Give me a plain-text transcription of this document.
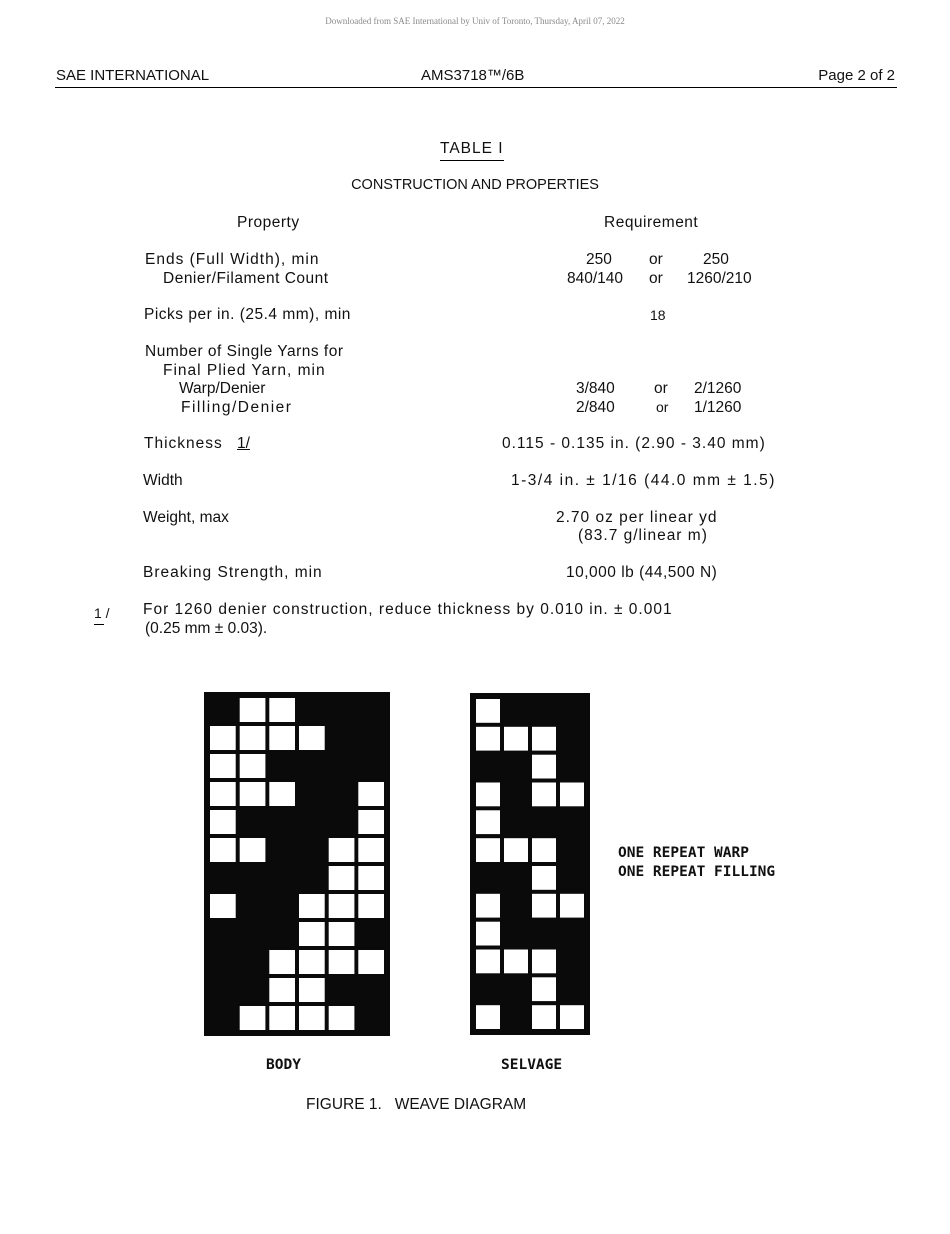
Downloaded from SAE International by Univ of Toronto, Thursday, April 07, 2022
SAE INTERNATIONAL	AMS3718™/6B	Page 2 of 2
TABLE I
CONSTRUCTION AND PROPERTIES
Property	Requirement
Ends (Full Width), min	250 or	250
Denier/Filament Count	840/140 or 1260/210
Picks per in. (25.4 mm), min	18
Number of Single Yarns for
Final Plied Yarn, min
Warp/Denier	3/840	or 2/1260
Filling/Denier	2/840	or 1/1260
Thickness 1/	0.115 - 0.135 in. (2.90 - 3.40 mm)
Width	1-3/4 in. ± 1/16 (44.0 mm ± 1.5)
Weight, max	2.70 oz per linear yd
(83.7 g/linear m)
Breaking Strength, min	10,000 lb (44,500 N)
1 / For 1260 denier construction, reduce thickness by 0.010 in. ± 0.001
(0.25 mm ± 0.03).
BODY	SELVAGE
ONE REPEAT WARP
ONE REPEAT FILLING
FIGURE 1.   WEAVE DIAGRAM
